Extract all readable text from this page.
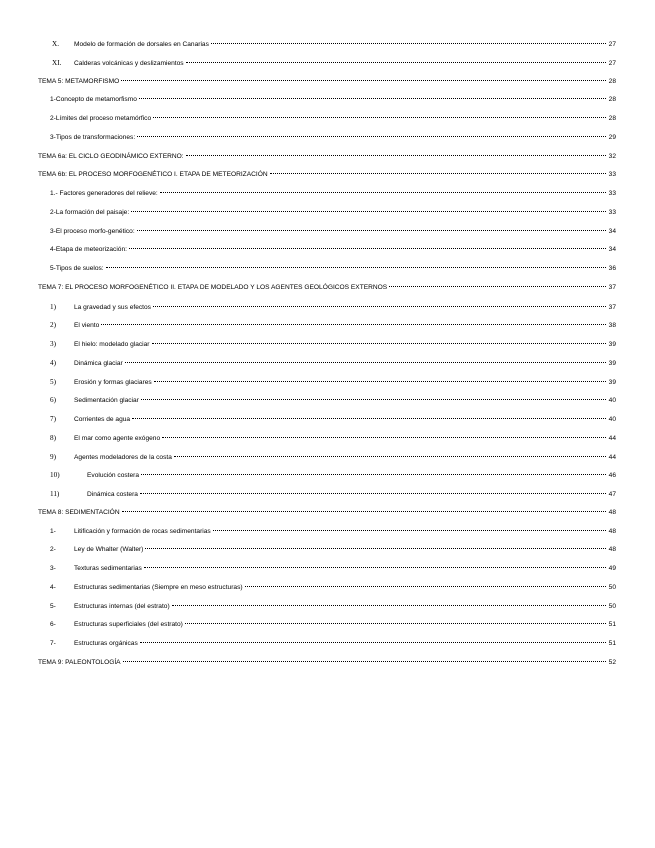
X.	Modelo de formación de dorsales en Canarias	27
XI.	Calderas volcánicas y deslizamientos	27
TEMA 5: METAMORFISMO	28
1-Concepto de metamorfismo	28
2-Límites del proceso metamórfico	28
3-Tipos de transformaciones:	29
TEMA 6a: EL CICLO GEODINÁMICO EXTERNO:	32
TEMA 6b: EL PROCESO MORFOGENÉTICO I. ETAPA DE METEORIZACIÓN	33
1.- Factores generadores del relieve:	33
2-La formación del paisaje:	33
3-El proceso morfo-genético:	34
4-Etapa de meteorización:	34
5-Tipos de suelos:	36
TEMA 7: EL PROCESO MORFOGENÉTICO II. ETAPA DE MODELADO Y LOS AGENTES GEOLÓGICOS EXTERNOS	37
1)	La gravedad y sus efectos	37
2)	El viento	38
3)	El hielo: modelado glaciar	39
4)	Dinámica glaciar	39
5)	Erosión y formas glaciares	39
6)	Sedimentación glaciar	40
7)	Corrientes de agua	40
8)	El mar como agente exógeno	44
9)	Agentes modeladores de la costa	44
10)	Evolución costera	46
11)	Dinámica costera	47
TEMA 8: SEDIMENTACIÓN	48
1-	Litificación y formación de rocas sedimentarias	48
2-	Ley de Whalter (Walter)	48
3-	Texturas sedimentarias	49
4-	Estructuras sedimentarias (Siempre en meso estructuras)	50
5-	Estructuras internas (del estrato)	50
6-	Estructuras superficiales (del estrato)	51
7-	Estructuras orgánicas	51
TEMA 9: PALEONTOLOGÍA	52
